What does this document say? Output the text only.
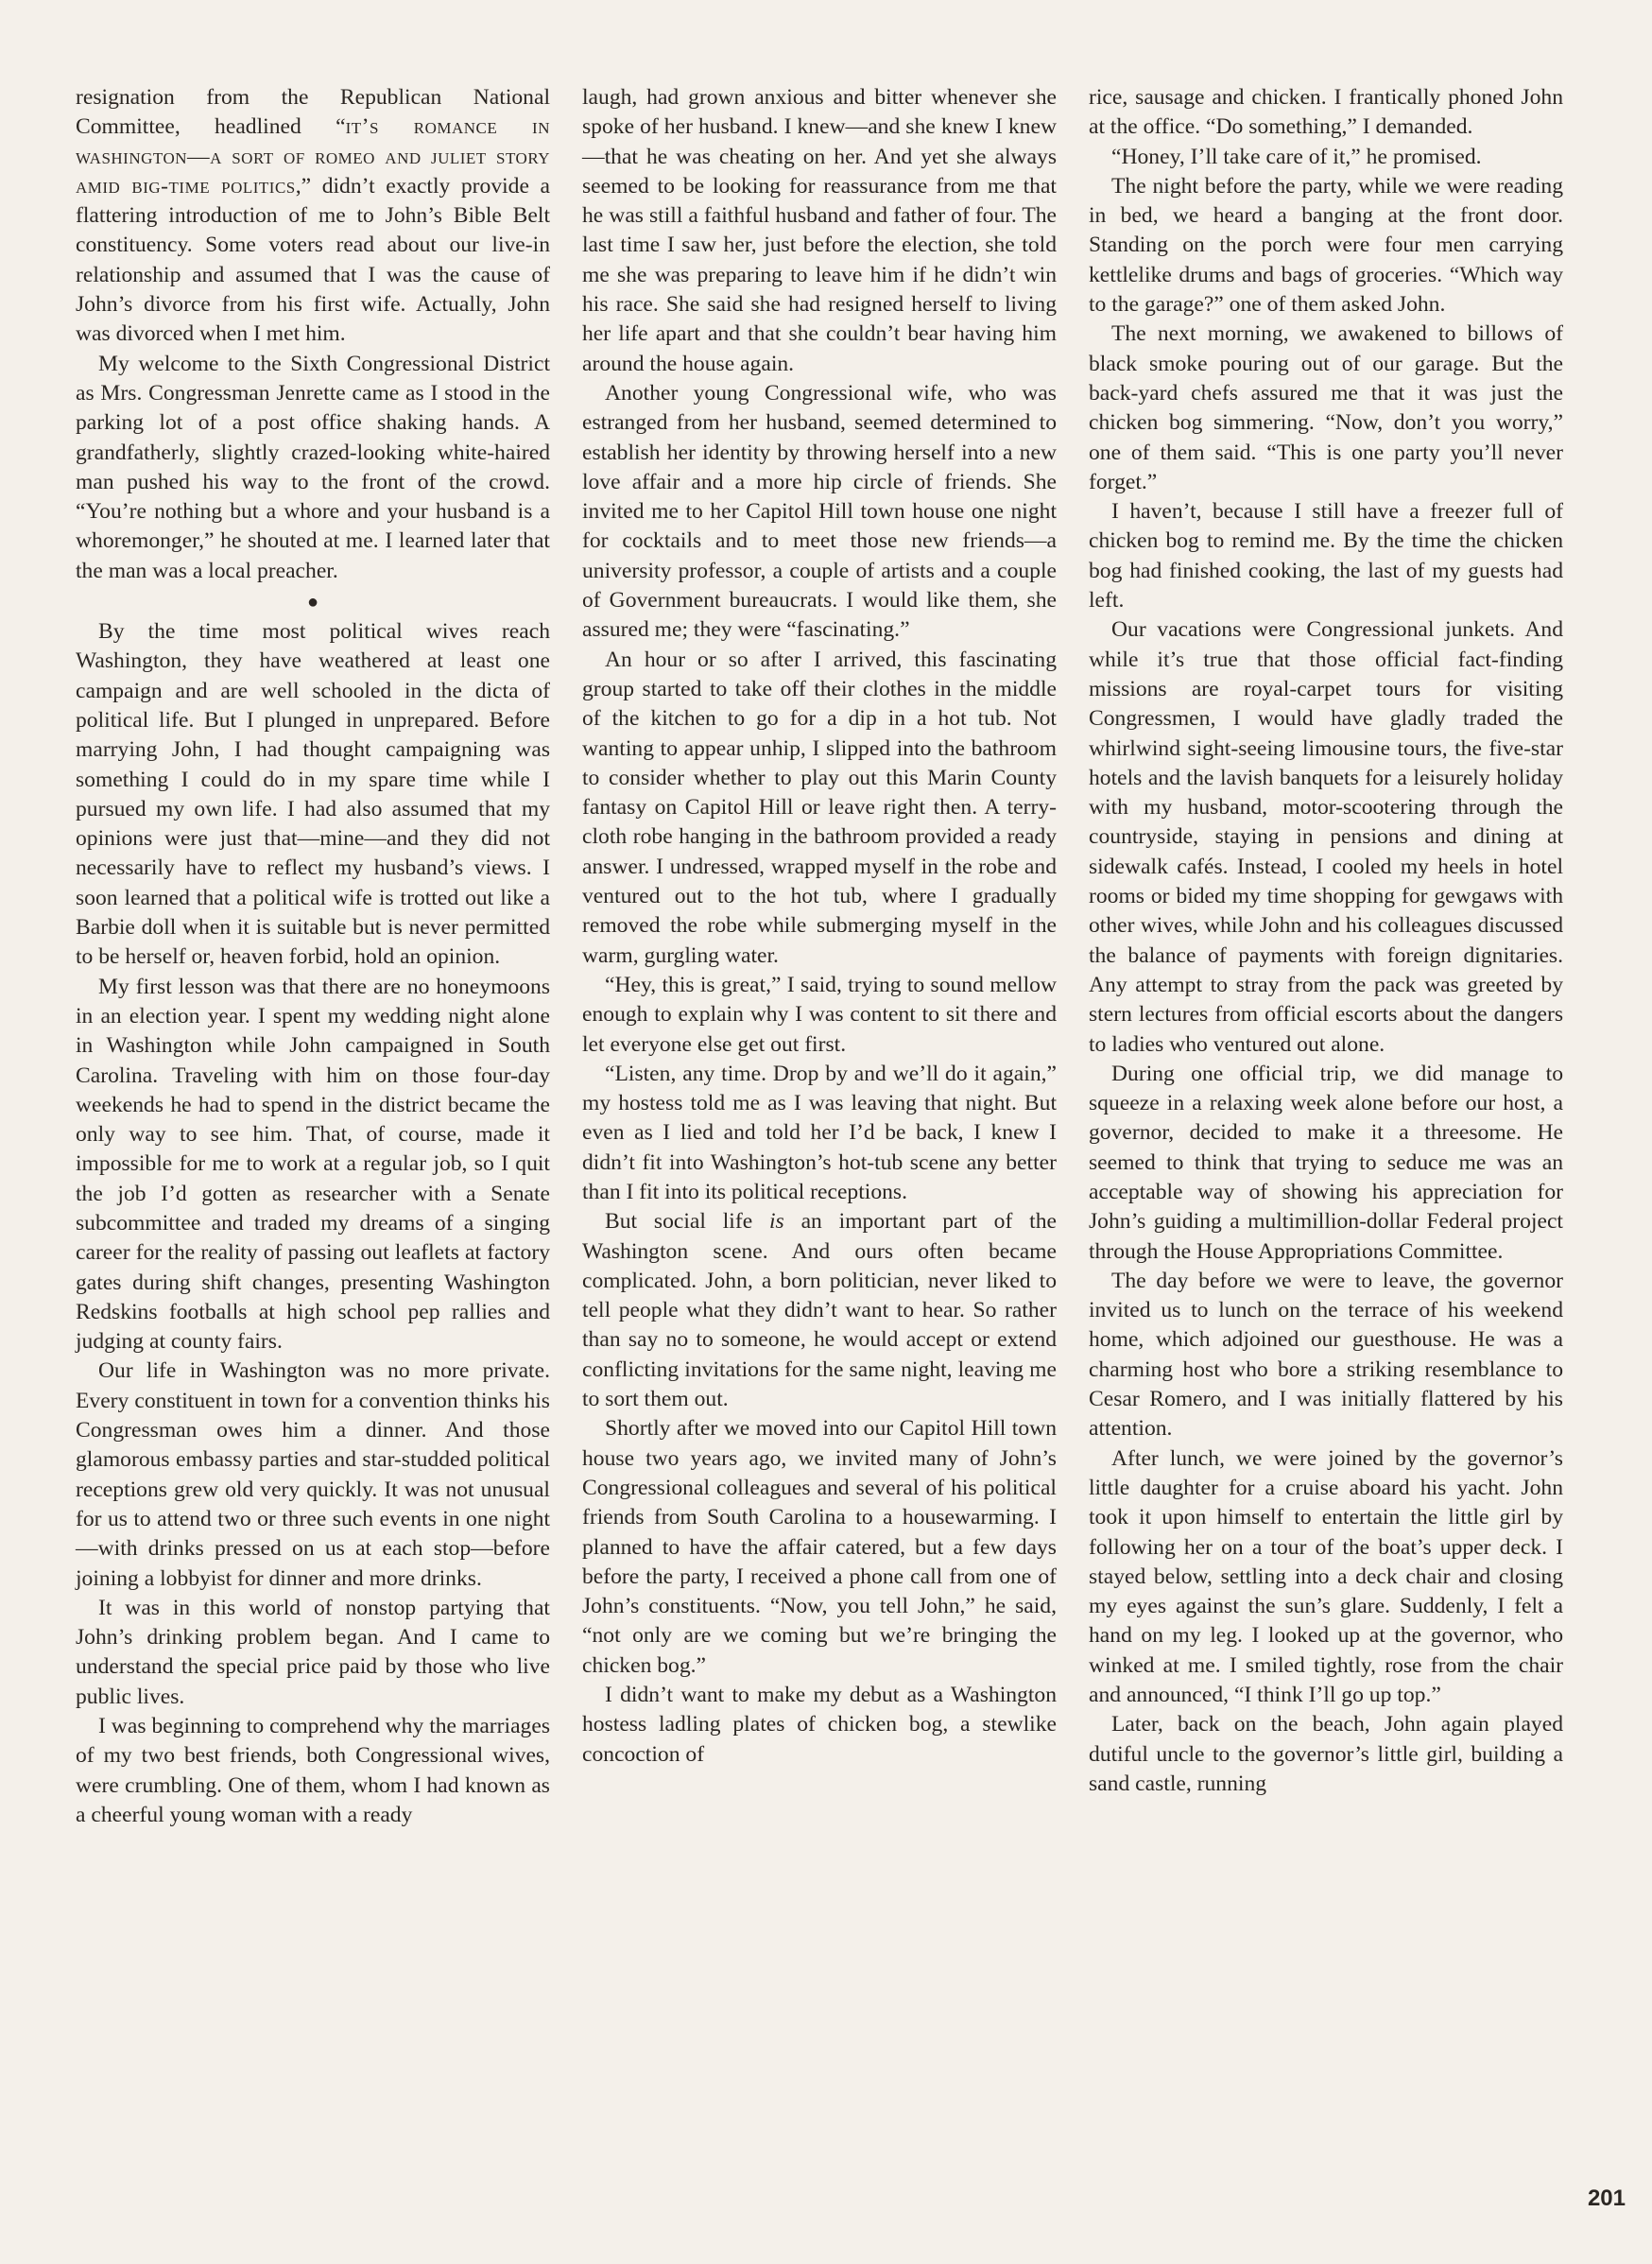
resignation from the Republican National Committee, headlined “it’s romance in washington—a sort of romeo and juliet story amid big-time politics,” didn’t exactly provide a flattering introduction of me to John’s Bible Belt constituency. Some voters read about our live-in relationship and assumed that I was the cause of John’s divorce from his first wife. Actually, John was divorced when I met him.

My welcome to the Sixth Congressional District as Mrs. Congressman Jenrette came as I stood in the parking lot of a post office shaking hands. A grandfatherly, slightly crazed-looking white-haired man pushed his way to the front of the crowd. “You’re nothing but a whore and your husband is a whoremonger,” he shouted at me. I learned later that the man was a local preacher.

●

By the time most political wives reach Washington, they have weathered at least one campaign and are well schooled in the dicta of political life. But I plunged in unprepared. Before marrying John, I had thought campaigning was something I could do in my spare time while I pursued my own life. I had also assumed that my opinions were just that—mine—and they did not necessarily have to reflect my husband’s views. I soon learned that a political wife is trotted out like a Barbie doll when it is suitable but is never permitted to be herself or, heaven forbid, hold an opinion.

My first lesson was that there are no honeymoons in an election year. I spent my wedding night alone in Washington while John campaigned in South Carolina. Traveling with him on those four-day weekends he had to spend in the district became the only way to see him. That, of course, made it impossible for me to work at a regular job, so I quit the job I’d gotten as researcher with a Senate subcommittee and traded my dreams of a singing career for the reality of passing out leaflets at factory gates during shift changes, presenting Washington Redskins footballs at high school pep rallies and judging at county fairs.

Our life in Washington was no more private. Every constituent in town for a convention thinks his Congressman owes him a dinner. And those glamorous embassy parties and star-studded political receptions grew old very quickly. It was not unusual for us to attend two or three such events in one night—with drinks pressed on us at each stop—before joining a lobbyist for dinner and more drinks.

It was in this world of nonstop partying that John’s drinking problem began. And I came to understand the special price paid by those who live public lives.

I was beginning to comprehend why the marriages of my two best friends, both Congressional wives, were crumbling. One of them, whom I had known as a cheerful young woman with a ready

laugh, had grown anxious and bitter whenever she spoke of her husband. I knew—and she knew I knew—that he was cheating on her. And yet she always seemed to be looking for reassurance from me that he was still a faithful husband and father of four. The last time I saw her, just before the election, she told me she was preparing to leave him if he didn’t win his race. She said she had resigned herself to living her life apart and that she couldn’t bear having him around the house again.

Another young Congressional wife, who was estranged from her husband, seemed determined to establish her identity by throwing herself into a new love affair and a more hip circle of friends. She invited me to her Capitol Hill town house one night for cocktails and to meet those new friends—a university professor, a couple of artists and a couple of Government bureaucrats. I would like them, she assured me; they were “fascinating.”

An hour or so after I arrived, this fascinating group started to take off their clothes in the middle of the kitchen to go for a dip in a hot tub. Not wanting to appear unhip, I slipped into the bathroom to consider whether to play out this Marin County fantasy on Capitol Hill or leave right then. A terry-cloth robe hanging in the bathroom provided a ready answer. I undressed, wrapped myself in the robe and ventured out to the hot tub, where I gradually removed the robe while submerging myself in the warm, gurgling water.

“Hey, this is great,” I said, trying to sound mellow enough to explain why I was content to sit there and let everyone else get out first.

“Listen, any time. Drop by and we’ll do it again,” my hostess told me as I was leaving that night. But even as I lied and told her I’d be back, I knew I didn’t fit into Washington’s hot-tub scene any better than I fit into its political receptions.

But social life is an important part of the Washington scene. And ours often became complicated. John, a born politician, never liked to tell people what they didn’t want to hear. So rather than say no to someone, he would accept or extend conflicting invitations for the same night, leaving me to sort them out.

Shortly after we moved into our Capitol Hill town house two years ago, we invited many of John’s Congressional colleagues and several of his political friends from South Carolina to a housewarming. I planned to have the affair catered, but a few days before the party, I received a phone call from one of John’s constituents. “Now, you tell John,” he said, “not only are we coming but we’re bringing the chicken bog.”

I didn’t want to make my debut as a Washington hostess ladling plates of chicken bog, a stewlike concoction of

rice, sausage and chicken. I frantically phoned John at the office. “Do something,” I demanded.

“Honey, I’ll take care of it,” he promised.

The night before the party, while we were reading in bed, we heard a banging at the front door. Standing on the porch were four men carrying kettlelike drums and bags of groceries. “Which way to the garage?” one of them asked John.

The next morning, we awakened to billows of black smoke pouring out of our garage. But the back-yard chefs assured me that it was just the chicken bog simmering. “Now, don’t you worry,” one of them said. “This is one party you’ll never forget.”

I haven’t, because I still have a freezer full of chicken bog to remind me. By the time the chicken bog had finished cooking, the last of my guests had left.

Our vacations were Congressional junkets. And while it’s true that those official fact-finding missions are royal-carpet tours for visiting Congressmen, I would have gladly traded the whirlwind sight-seeing limousine tours, the five-star hotels and the lavish banquets for a leisurely holiday with my husband, motor-scootering through the countryside, staying in pensions and dining at sidewalk cafés. Instead, I cooled my heels in hotel rooms or bided my time shopping for gewgaws with other wives, while John and his colleagues discussed the balance of payments with foreign dignitaries. Any attempt to stray from the pack was greeted by stern lectures from official escorts about the dangers to ladies who ventured out alone.

During one official trip, we did manage to squeeze in a relaxing week alone before our host, a governor, decided to make it a threesome. He seemed to think that trying to seduce me was an acceptable way of showing his appreciation for John’s guiding a multimillion-dollar Federal project through the House Appropriations Committee.

The day before we were to leave, the governor invited us to lunch on the terrace of his weekend home, which adjoined our guesthouse. He was a charming host who bore a striking resemblance to Cesar Romero, and I was initially flattered by his attention.

After lunch, we were joined by the governor’s little daughter for a cruise aboard his yacht. John took it upon himself to entertain the little girl by following her on a tour of the boat’s upper deck. I stayed below, settling into a deck chair and closing my eyes against the sun’s glare. Suddenly, I felt a hand on my leg. I looked up at the governor, who winked at me. I smiled tightly, rose from the chair and announced, “I think I’ll go up top.”

Later, back on the beach, John again played dutiful uncle to the governor’s little girl, building a sand castle, running

201
